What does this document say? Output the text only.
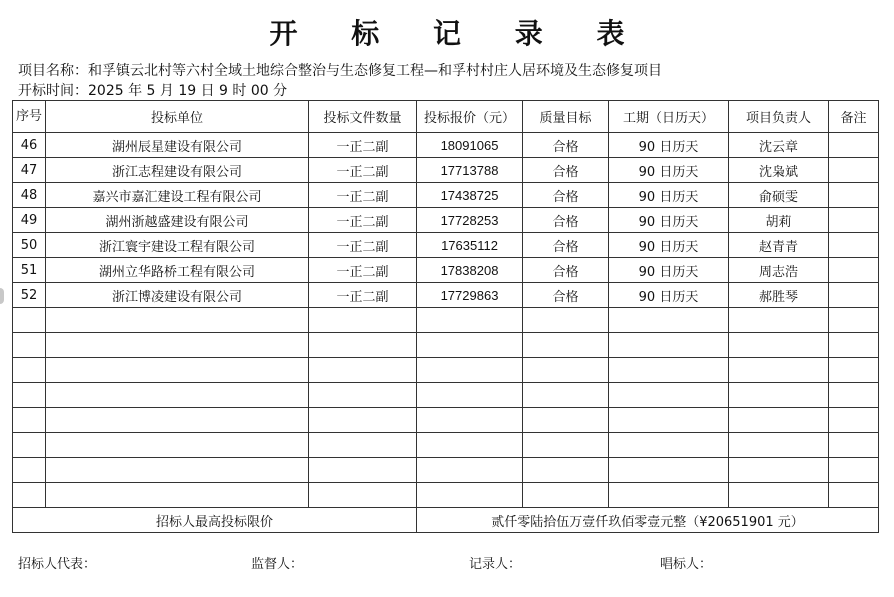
开 标 记 录 表
项目名称：和孚镇云北村等六村全域土地综合整治与生态修复工程—和孚村村庄人居环境及生态修复项目
开标时间：2025 年 5 月 19 日 9 时 00 分
序号	投标单位	投标文件数量	投标报价（元）	质量目标	工期（日历天）	项目负责人	备注
46	湖州辰星建设有限公司	一正二副	18091065	合格	90 日历天	沈云章	
47	浙江志程建设有限公司	一正二副	17713788	合格	90 日历天	沈枭斌	
48	嘉兴市嘉汇建设工程有限公司	一正二副	17438725	合格	90 日历天	俞硕雯	
49	湖州浙越盛建设有限公司	一正二副	17728253	合格	90 日历天	胡莉	
50	浙江寰宇建设工程有限公司	一正二副	17635112	合格	90 日历天	赵青青	
51	湖州立华路桥工程有限公司	一正二副	17838208	合格	90 日历天	周志浩	
52	浙江博凌建设有限公司	一正二副	17729863	合格	90 日历天	郝胜琴	

招标人最高投标限价			贰仟零陆拾伍万壹仟玖佰零壹元整（¥20651901 元）				
招标人代表：	监督人：	记录人：	唱标人：
